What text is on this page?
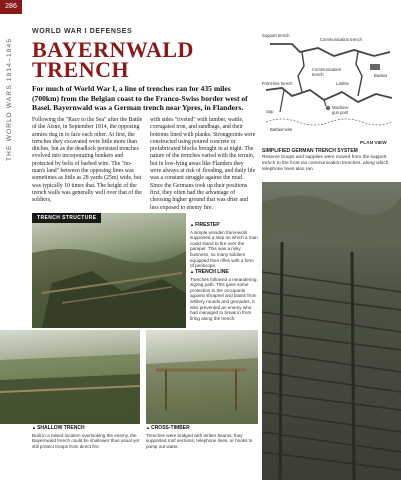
286
THE WORLD WARS 1914–1945
WORLD WAR I DEFENSES
BAYERNWALD
TRENCH
For much of World War I, a line of trenches ran for 435 miles (700km) from the Belgian coast to the Franco-Swiss border west of Basel. Bayernwald was a German trench near Ypres, in Flanders.
Following the "Race to the Sea" after the Battle of the Aisne, in September 1914, the opposing armies dug in to face each other. At first, the trenches they excavated were little more than ditches, but as the deadlock persisted trenches evolved into incorporating bunkers and protected by belts of barbed wire. The "no-man's land" between the opposing lines was sometimes as little as 28 yards (25m) wide, but was typically 10 times that. The height of the trench walls was generally well over that of the soldiers,
with sides "riveted" with lumber, wattle, corrugated iron, and sandbags, and their bottoms lined with planks. Strongpoints were constructed using poured concrete or prefabricated blocks brought in at night. The nature of the trenches varied with the terrain, but in low-lying areas like Flanders they were always at risk of flooding, and daily life was a constant struggle against the mud. Since the Germans took up their positions first, they often had the advantage of choosing higher ground that was drier and less exposed to enemy fire.
Support trench
Communication trench
Communication trench	Bunker
Front-line trench	Latrine
Machine-gun post
Sap
Barbed wire
PLAN VIEW
SIMPLIFIED GERMAN TRENCH SYSTEM
Reserve troops and supplies were moved from the support trench to the front via communication trenches, along which telephone lines also ran.
TRENCH STRUCTURE
▲ FIRESTEP
A simple wooden framework supported a step on which a man could stand to fire over the parapet. This was a risky business, so many soldiers equipped their rifles with a form of periscope.
▲ TRENCH LINE
Trenches followed a meandering, zigzag path. This gave some protection to the occupants against shrapnel and blasts from artillery rounds and grenades. It also prevented an enemy who had managed to break in from firing along the trench.
▲ SHALLOW TRENCH
Built in a raised location overlooking the enemy, the Bayernwald trench could be shallower than usual yet still protect troops from direct fire.
▲ CROSS-TIMBER
Trenches were bridged with timber beams; they supported roof sections, telephone lines, or hooks to pump out water.
